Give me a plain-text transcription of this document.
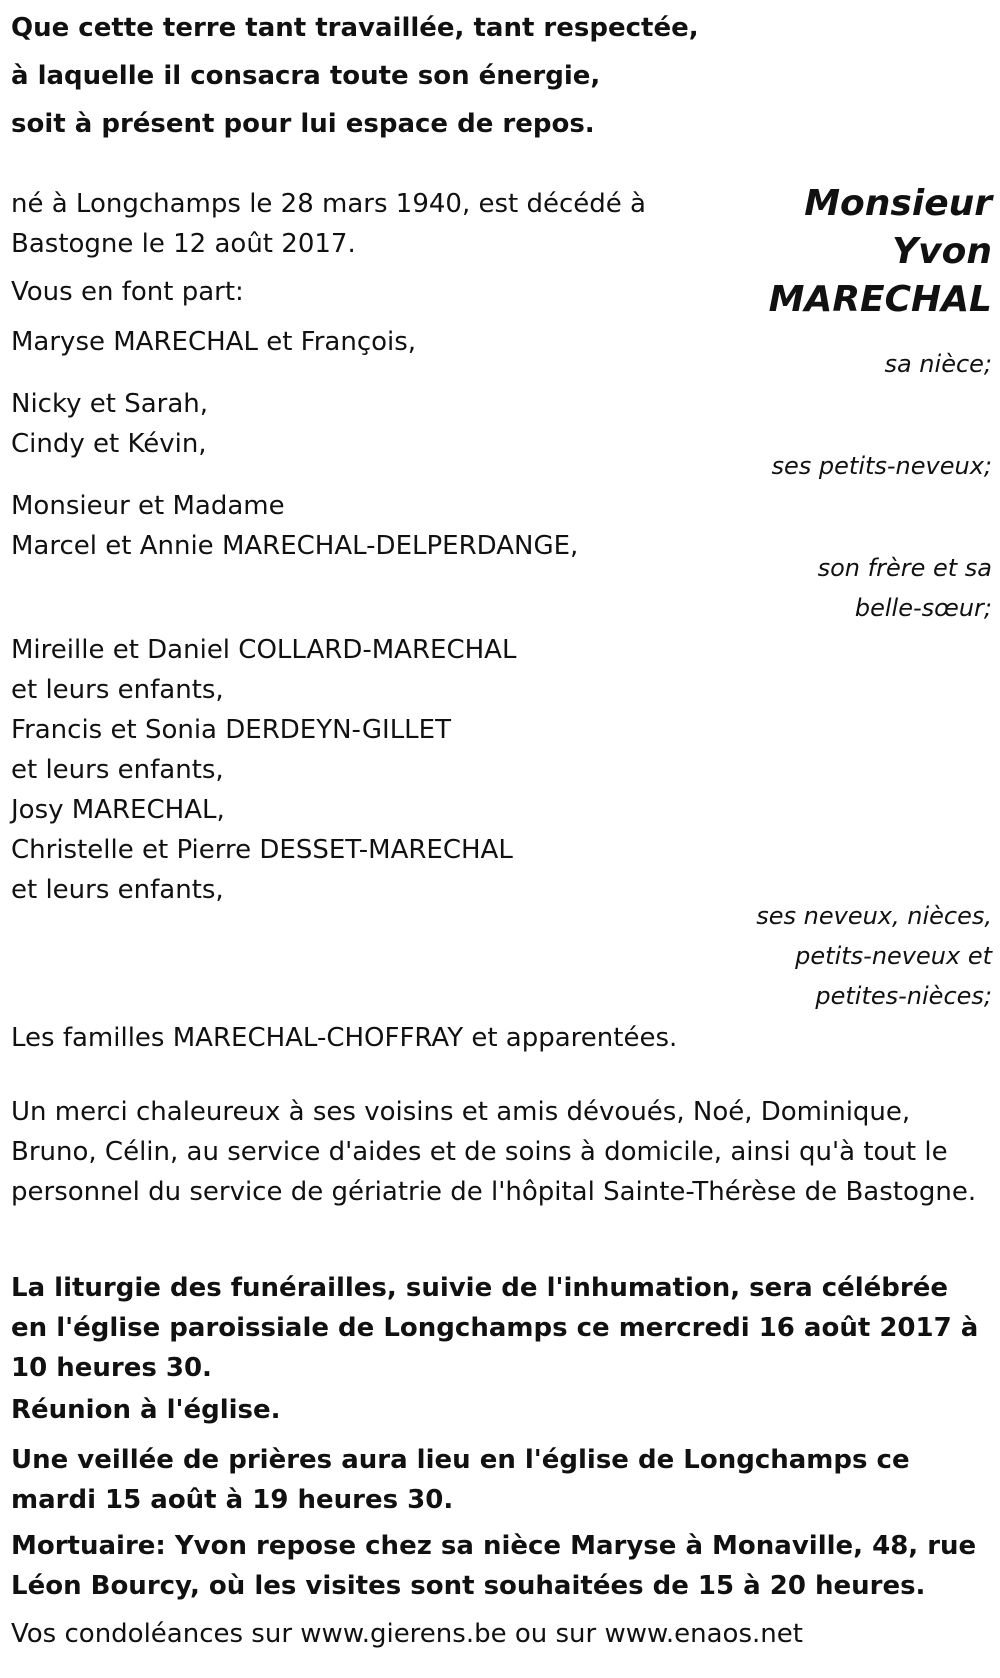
Que cette terre tant travaillée, tant respectée,
à laquelle il consacra toute son énergie,
soit à présent pour lui espace de repos.
Monsieur
Yvon
MARECHAL
né à Longchamps le 28 mars 1940, est décédé à
Bastogne le 12 août 2017.
Vous en font part:
Maryse MARECHAL et François,
sa nièce;
Nicky et Sarah,
Cindy et Kévin,
ses petits-neveux;
Monsieur et Madame
Marcel et Annie MARECHAL-DELPERDANGE,
son frère et sa
belle-sœur;
Mireille et Daniel COLLARD-MARECHAL
et leurs enfants,
Francis et Sonia DERDEYN-GILLET
et leurs enfants,
Josy MARECHAL,
Christelle et Pierre DESSET-MARECHAL
et leurs enfants,
ses neveux, nièces,
petits-neveux et
petites-nièces;
Les familles MARECHAL-CHOFFRAY et apparentées.
Un merci chaleureux à ses voisins et amis dévoués, Noé, Dominique, Bruno, Célin, au service d'aides et de soins à domicile, ainsi qu'à tout le personnel du service de gériatrie de l'hôpital Sainte-Thérèse de Bastogne.
La liturgie des funérailles, suivie de l'inhumation, sera célébrée en l'église paroissiale de Longchamps ce mercredi 16 août 2017 à 10 heures 30.
Réunion à l'église.
Une veillée de prières aura lieu en l'église de Longchamps ce mardi 15 août à 19 heures 30.
Mortuaire: Yvon repose chez sa nièce Maryse à Monaville, 48, rue Léon Bourcy, où les visites sont souhaitées de 15 à 20 heures.
Vos condoléances sur www.gierens.be ou sur www.enaos.net
